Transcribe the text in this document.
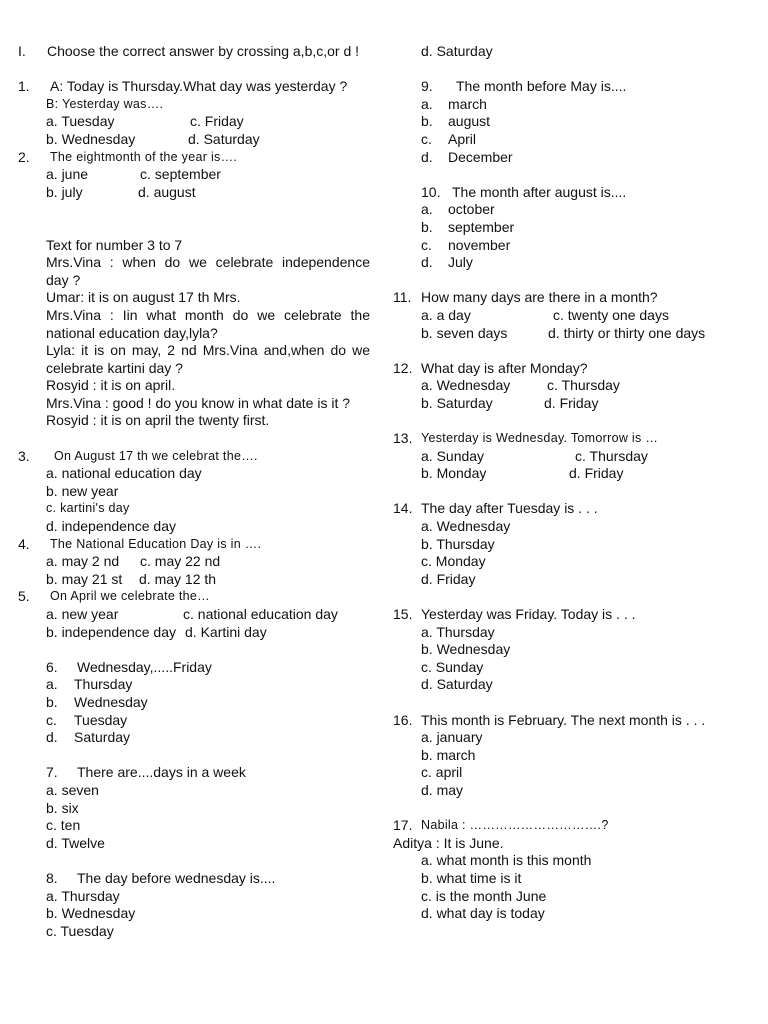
I. Choose the correct answer by crossing a,b,c,or d !
1. A: Today is Thursday.What day was yesterday ?
B: Yesterday was….
a. Tuesday	c. Friday
b. Wednesday	d. Saturday
2. The eightmonth of the year is….
a. june	c. september
b. july	d. august
Text for number 3 to 7
Mrs.Vina : when do we celebrate independence
day ?
Umar: it is on august 17 th Mrs.
Mrs.Vina : Iin what month do we celebrate the
national education day,lyla?
Lyla: it is on may, 2 nd Mrs.Vina and,when do we
celebrate kartini day ?
Rosyid : it is on april.
Mrs.Vina : good ! do you know in what date is it ?
Rosyid : it is on april the twenty first.
3. On August 17 th we celebrat the….
a. national education day
b. new year
c. kartini's day
d. independence day
4. The National Education Day is in ….
a. may 2 nd c. may 22 nd
b. may 21 st d. may 12 th
5. On April we celebrate the…
a. new year	c. national education day
b. independence day d. Kartini day
6. Wednesday,.....Friday
a. Thursday
b. Wednesday
c. Tuesday
d. Saturday
7. There are....days in a week
a. seven
b. six
c. ten
d. Twelve
8. The day before wednesday is....
a. Thursday
b. Wednesday
c. Tuesday
d. Saturday
9. The month before May is....
a. march
b. august
c. April
d. December
10. The month after august is....
a. october
b. september
c. november
d. July
11. How many days are there in a month?
a. a day	c. twenty one days
b. seven days	d. thirty or thirty one days
12. What day is after Monday?
a. Wednesday	c. Thursday
b. Saturday	d. Friday
13. Yesterday is Wednesday. Tomorrow is …
a. Sunday	c. Thursday
b. Monday	d. Friday
14. The day after Tuesday is . . .
a. Wednesday
b. Thursday
c. Monday
d. Friday
15. Yesterday was Friday. Today is . . .
a. Thursday
b. Wednesday
c. Sunday
d. Saturday
16. This month is February. The next month is . . .
a. january
b. march
c. april
d. may
17. Nabila : ………………………….?
Aditya : It is June.
a. what month is this month
b. what time is it
c. is the month June
d. what day is today
